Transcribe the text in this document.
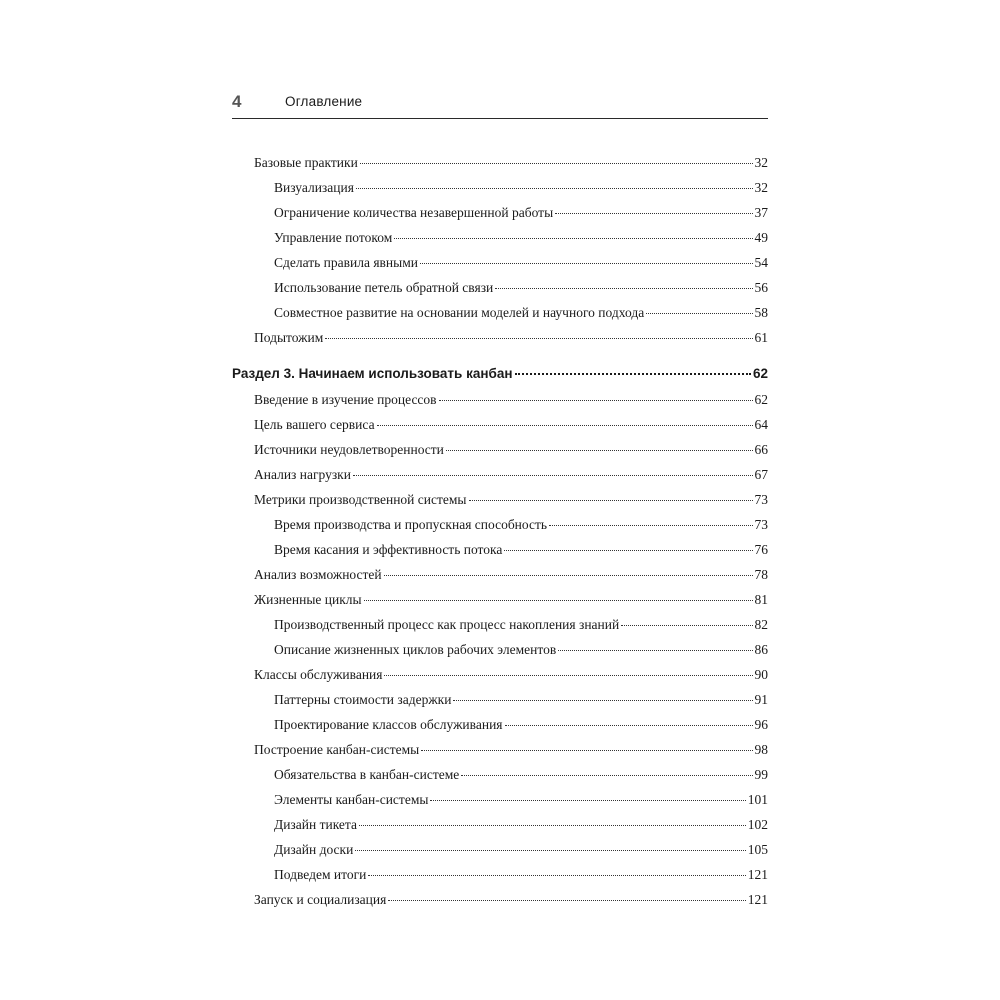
4	Оглавление
Базовые практики	32
Визуализация	32
Ограничение количества незавершенной работы	37
Управление потоком	49
Сделать правила явными	54
Использование петель обратной связи	56
Совместное развитие на основании моделей и научного подхода	58
Подытожим	61
Раздел 3. Начинаем использовать канбан	62
Введение в изучение процессов	62
Цель вашего сервиса	64
Источники неудовлетворенности	66
Анализ нагрузки	67
Метрики производственной системы	73
Время производства и пропускная способность	73
Время касания и эффективность потока	76
Анализ возможностей	78
Жизненные циклы	81
Производственный процесс как процесс накопления знаний	82
Описание жизненных циклов рабочих элементов	86
Классы обслуживания	90
Паттерны стоимости задержки	91
Проектирование классов обслуживания	96
Построение канбан-системы	98
Обязательства в канбан-системе	99
Элементы канбан-системы	101
Дизайн тикета	102
Дизайн доски	105
Подведем итоги	121
Запуск и социализация	121
